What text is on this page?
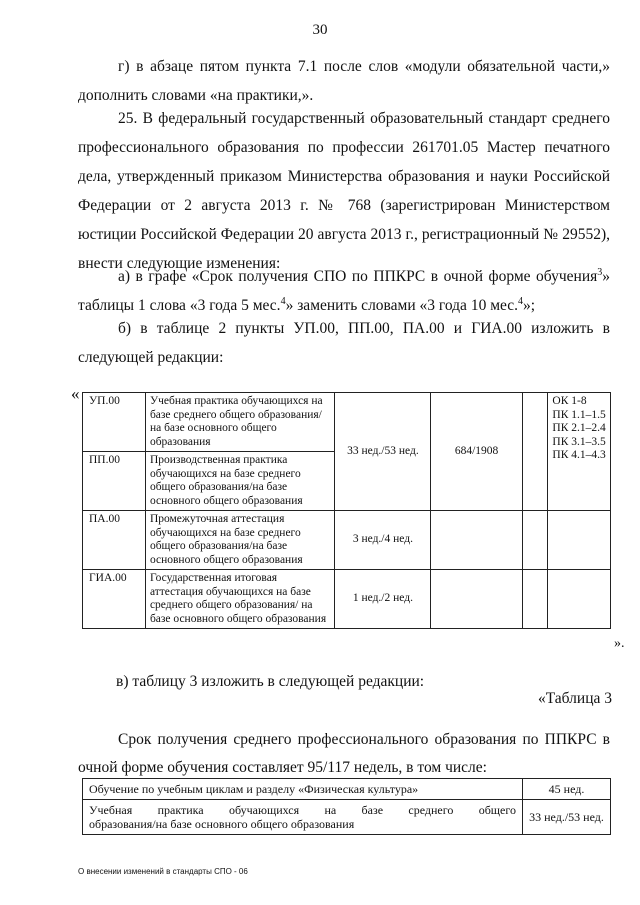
30

г) в абзаце пятом пункта 7.1 после слов «модули обязательной части,» дополнить словами «на практики,».

25. В федеральный государственный образовательный стандарт среднего профессионального образования по профессии 261701.05 Мастер печатного дела, утвержденный приказом Министерства образования и науки Российской Федерации от 2 августа 2013 г. № 768 (зарегистрирован Министерством юстиции Российской Федерации 20 августа 2013 г., регистрационный № 29552), внести следующие изменения:

а) в графе «Срок получения СПО по ППКРС в очной форме обучения$^3$» таблицы 1 слова «3 года 5 мес.$^4$» заменить словами «3 года 10 мес.$^4$»;

б) в таблице 2 пункты УП.00, ПП.00, ПА.00 и ГИА.00 изложить в следующей редакции:

« УП.00	Учебная практика обучающихся на базе среднего общего образования/на базе основного общего образования	33 нед./53 нед.	684/1908		ОК 1-8
ПК 1.1–1.5
ПК 2.1–2.4
ПК 3.1–3.5
ПК 4.1–4.3

ПП.00	Производственная практика обучающихся на базе среднего общего образования/на базе основного общего образования				
ПА.00	Промежуточная аттестация обучающихся на базе среднего общего образования/на базе основного общего образования	3 нед./4 нед.			
ГИА.00	Государственная итоговая аттестация обучающихся на базе среднего общего образования/ на базе основного общего образования	1 нед./2 нед.			
».
в) таблицу 3 изложить в следующей редакции:
«Таблица 3

Срок получения среднего профессионального образования по ППКРС в очной форме обучения составляет 95/117 недель, в том числе:

Обучение по учебным циклам и разделу «Физическая культура»	45 нед.

Учебная практика обучающихся на базе среднего общего
образования/на базе основного общего образования	33 нед./53 нед.
О внесении изменений в стандарты СПО - 06
